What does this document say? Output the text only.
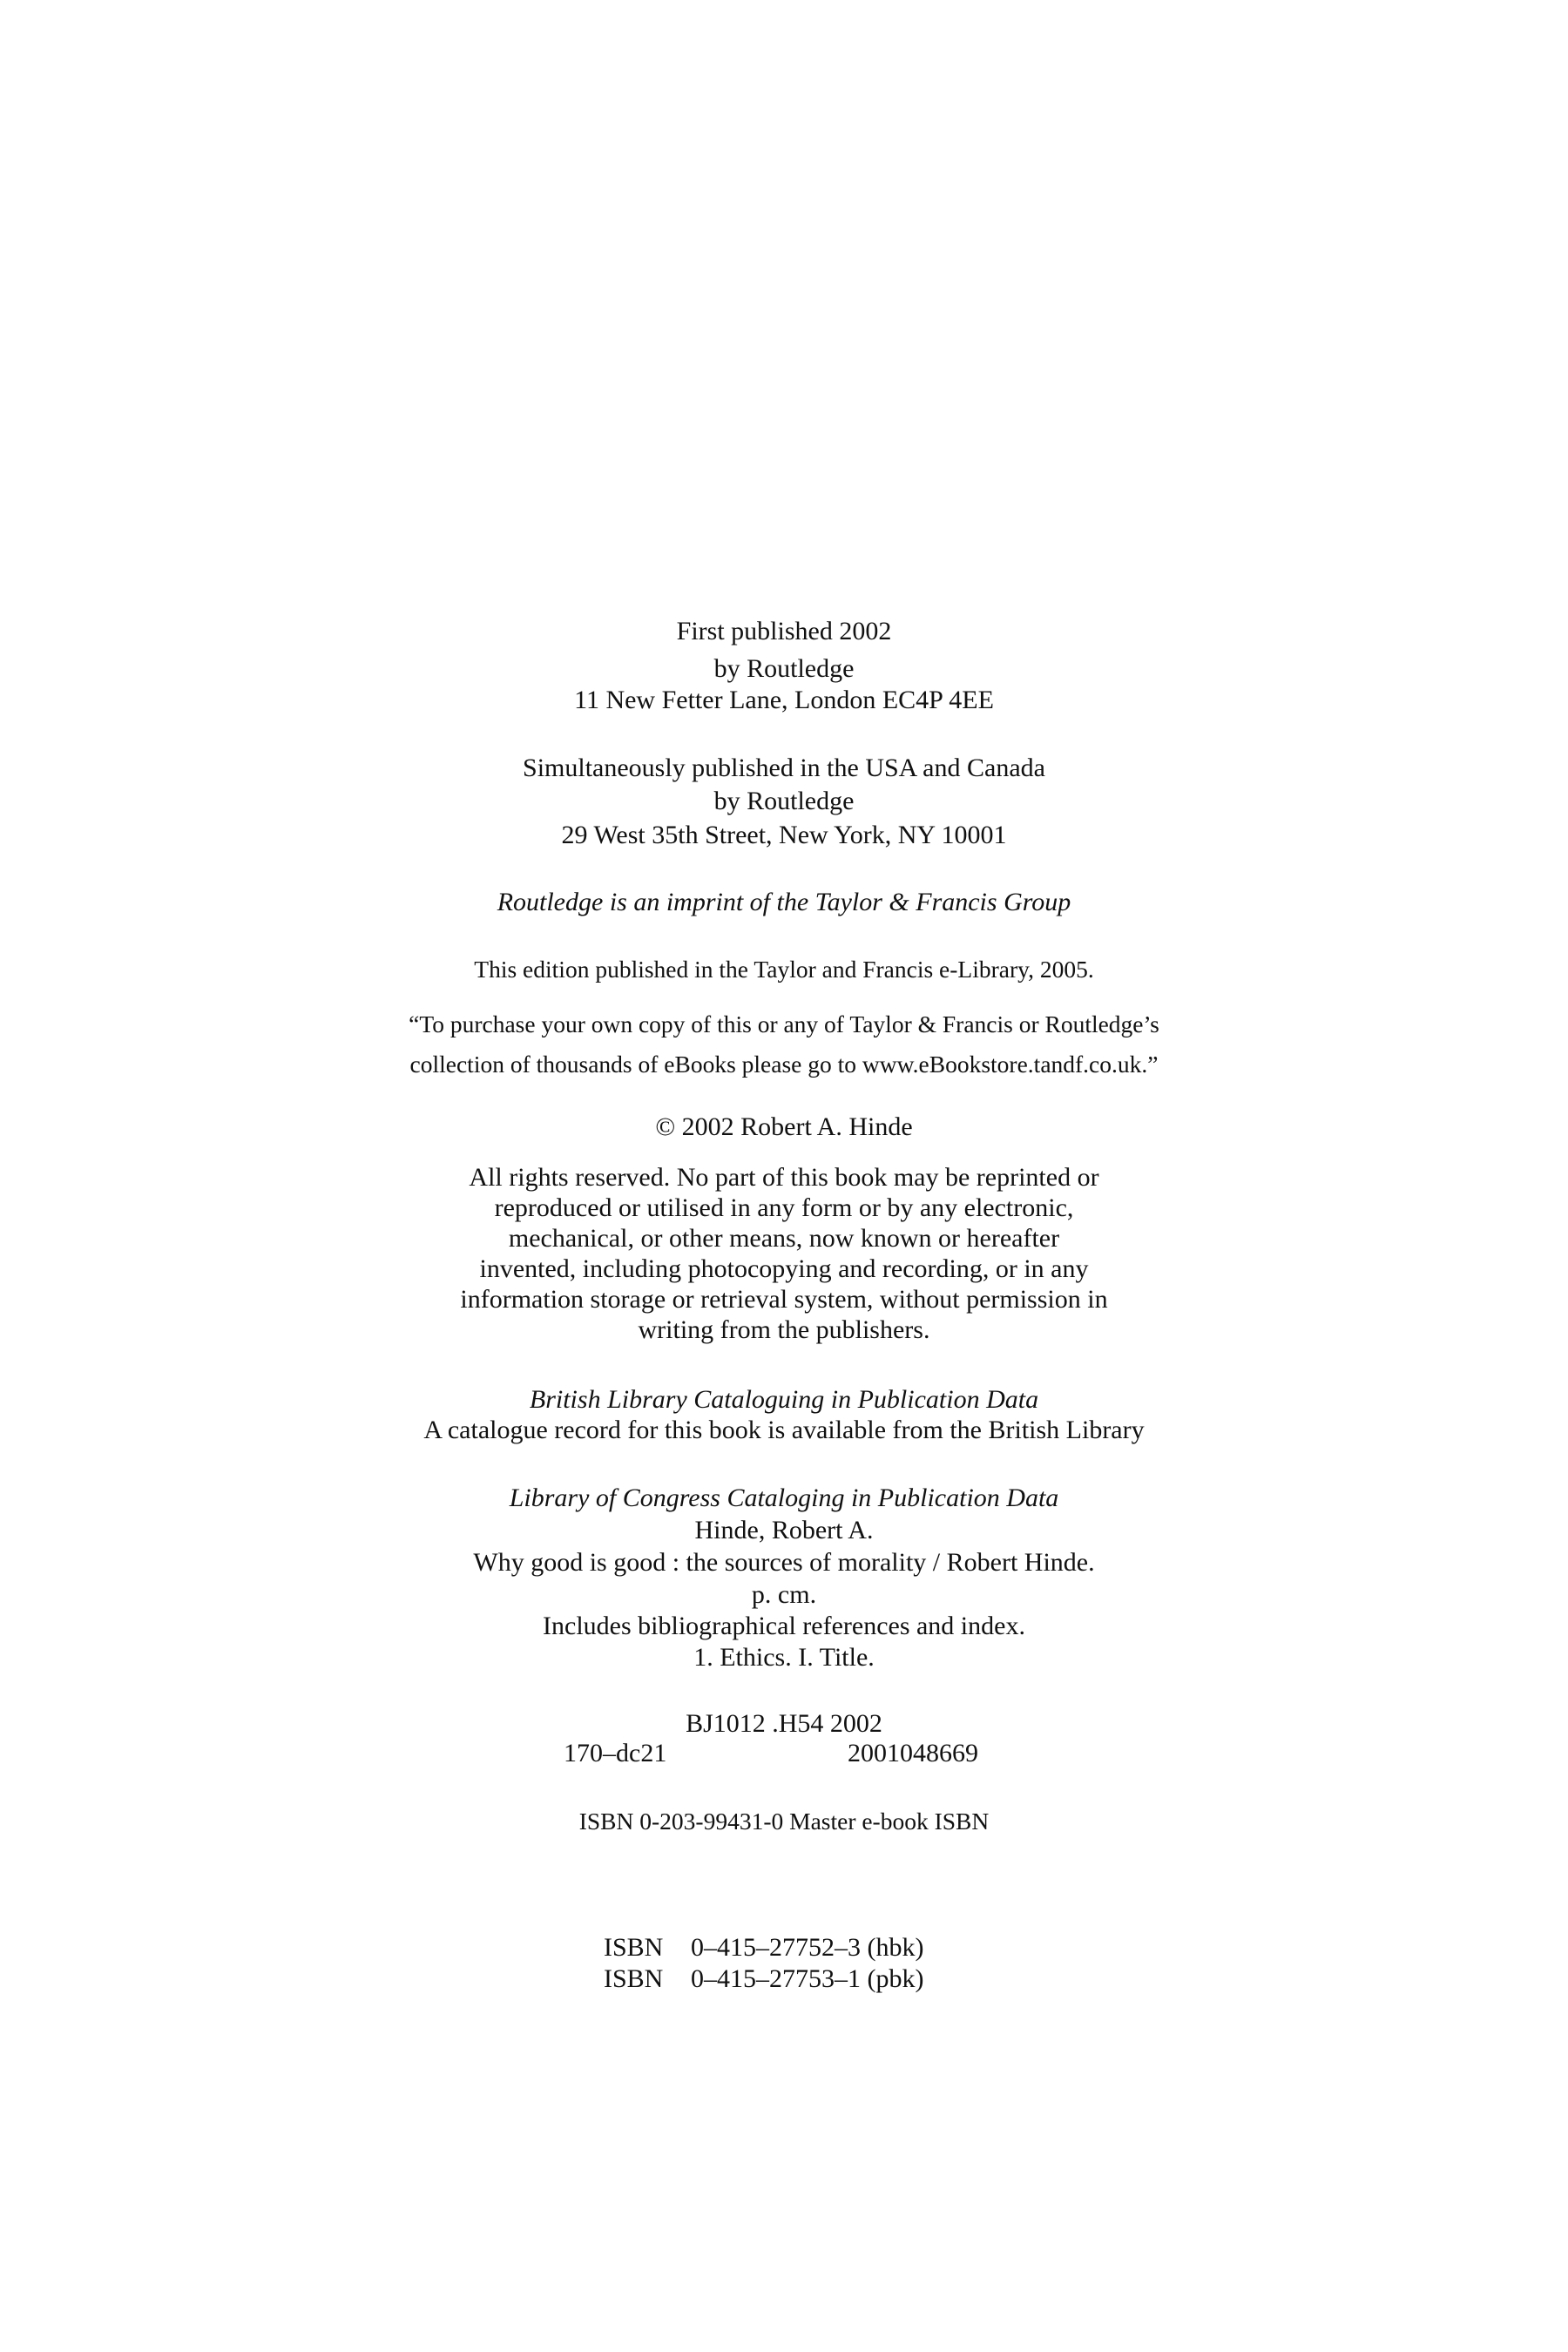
First published 2002
by Routledge
11 New Fetter Lane, London EC4P 4EE
Simultaneously published in the USA and Canada
by Routledge
29 West 35th Street, New York, NY 10001
Routledge is an imprint of the Taylor & Francis Group
This edition published in the Taylor and Francis e-Library, 2005.
“To purchase your own copy of this or any of Taylor & Francis or Routledge’s
collection of thousands of eBooks please go to www.eBookstore.tandf.co.uk.”
© 2002 Robert A. Hinde
All rights reserved. No part of this book may be reprinted or
reproduced or utilised in any form or by any electronic,
mechanical, or other means, now known or hereafter
invented, including photocopying and recording, or in any
information storage or retrieval system, without permission in
writing from the publishers.
British Library Cataloguing in Publication Data
A catalogue record for this book is available from the British Library
Library of Congress Cataloging in Publication Data
Hinde, Robert A.
Why good is good : the sources of morality / Robert Hinde.
p. cm.
Includes bibliographical references and index.
1. Ethics. I. Title.
BJ1012 .H54 2002
170–dc21	2001048669
ISBN 0-203-99431-0 Master e-book ISBN
ISBN 0–415–27752–3 (hbk)
ISBN 0–415–27753–1 (pbk)
